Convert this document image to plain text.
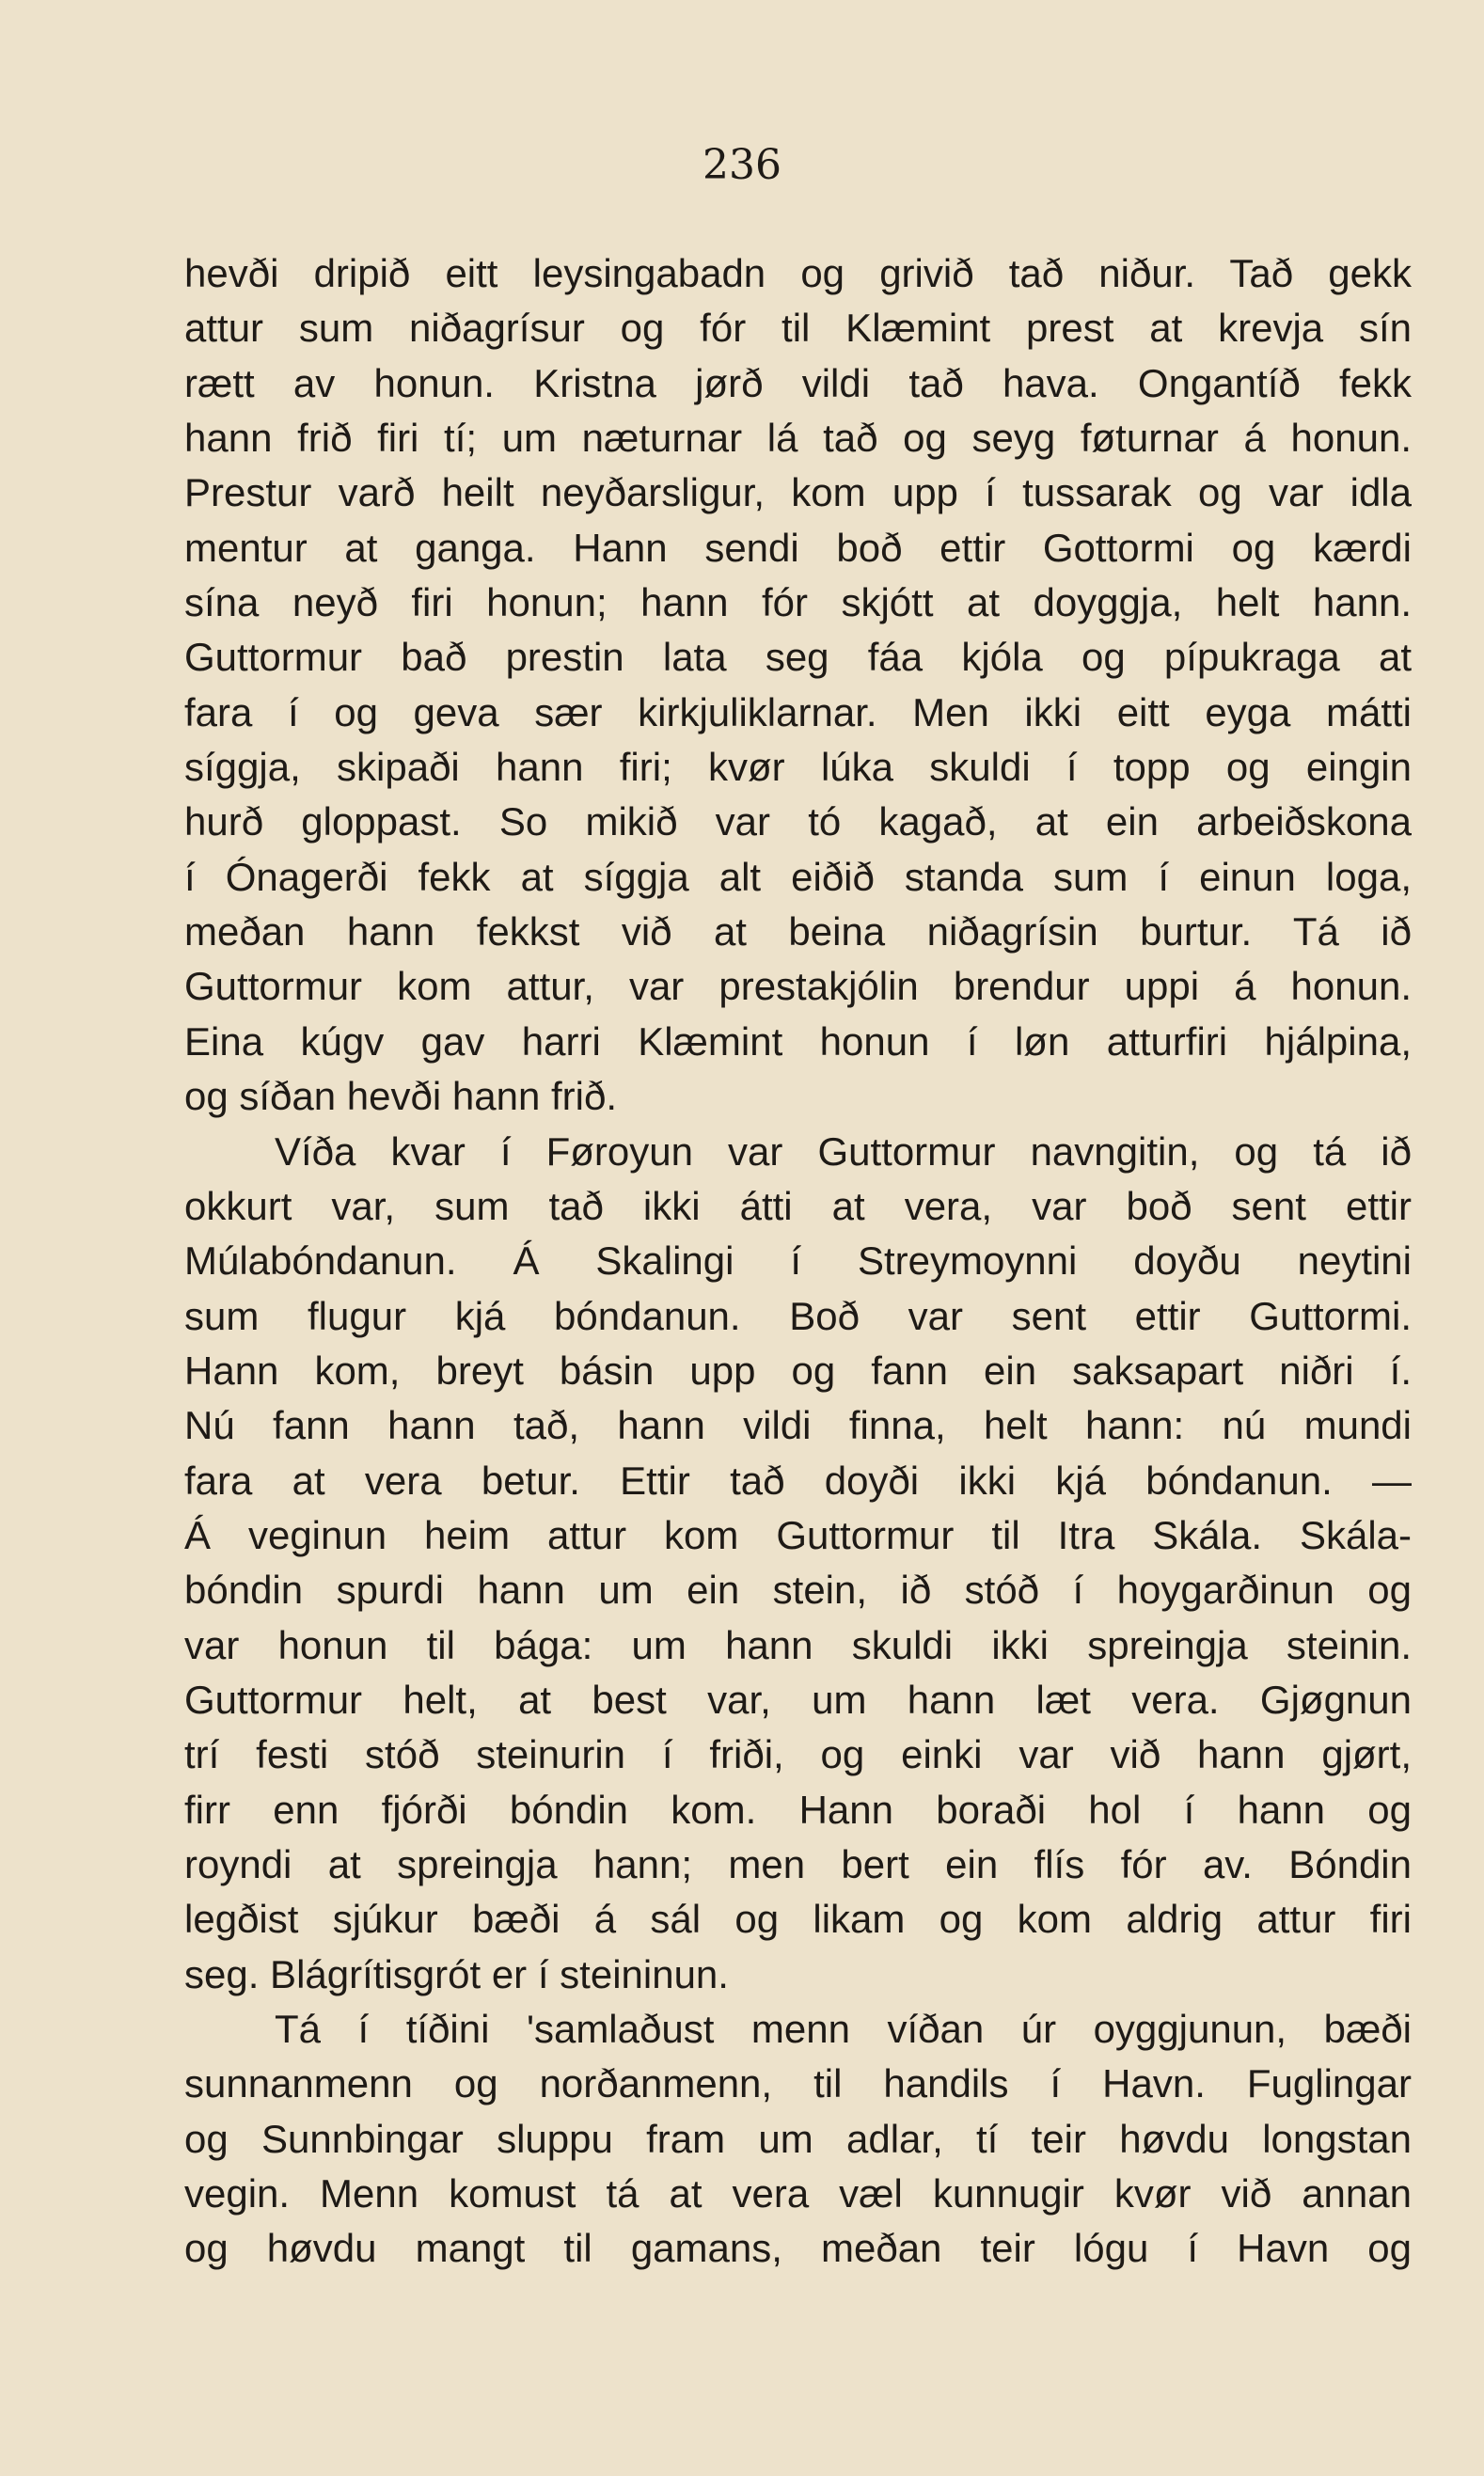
236
hevði dripið eitt leysingabadn og grivið tað niður. Tað gekk
attur sum niðagrísur og fór til Klæmint prest at krevja sín
rætt av honun. Kristna jørð vildi tað hava. Ongantíð fekk
hann frið firi tí; um næturnar lá tað og seyg føturnar á honun.
Prestur varð heilt neyðarsligur, kom upp í tussarak og var idla
mentur at ganga. Hann sendi boð ettir Gottormi og kærdi
sína neyð firi honun; hann fór skjótt at doyggja, helt hann.
Guttormur bað prestin lata seg fáa kjóla og pípukraga at
fara í og geva sær kirkjuliklarnar. Men ikki eitt eyga mátti
síggja, skipaði hann firi; kvør lúka skuldi í topp og eingin
hurð gloppast. So mikið var tó kagað, at ein arbeiðskona
í Ónagerði fekk at síggja alt eiðið standa sum í einun loga,
meðan hann fekkst við at beina niðagrísin burtur. Tá ið
Guttormur kom attur, var prestakjólin brendur uppi á honun.
Eina kúgv gav harri Klæmint honun í løn atturfiri hjálpina,
og síðan hevði hann frið.
Víða kvar í Føroyun var Guttormur navngitin, og tá ið
okkurt var, sum tað ikki átti at vera, var boð sent ettir
Múlabóndanun. Á Skalingi í Streymoynni doyðu neytini
sum flugur kjá bóndanun. Boð var sent ettir Guttormi.
Hann kom, breyt básin upp og fann ein saksapart niðri í.
Nú fann hann tað, hann vildi finna, helt hann: nú mundi
fara at vera betur. Ettir tað doyði ikki kjá bóndanun. —
Á veginun heim attur kom Guttormur til Itra Skála. Skála-
bóndin spurdi hann um ein stein, ið stóð í hoygarðinun og
var honun til bága: um hann skuldi ikki spreingja steinin.
Guttormur helt, at best var, um hann læt vera. Gjøgnun
trí festi stóð steinurin í friði, og einki var við hann gjørt,
firr enn fjórði bóndin kom. Hann boraði hol í hann og
royndi at spreingja hann; men bert ein flís fór av. Bóndin
legðist sjúkur bæði á sál og likam og kom aldrig attur firi
seg. Blágrítisgrót er í steininun.
Tá í tíðini 'samlaðust menn víðan úr oyggjunun, bæði
sunnanmenn og norðanmenn, til handils í Havn. Fuglingar
og Sunnbingar sluppu fram um adlar, tí teir høvdu longstan
vegin. Menn komust tá at vera væl kunnugir kvør við annan
og høvdu mangt til gamans, meðan teir lógu í Havn og
